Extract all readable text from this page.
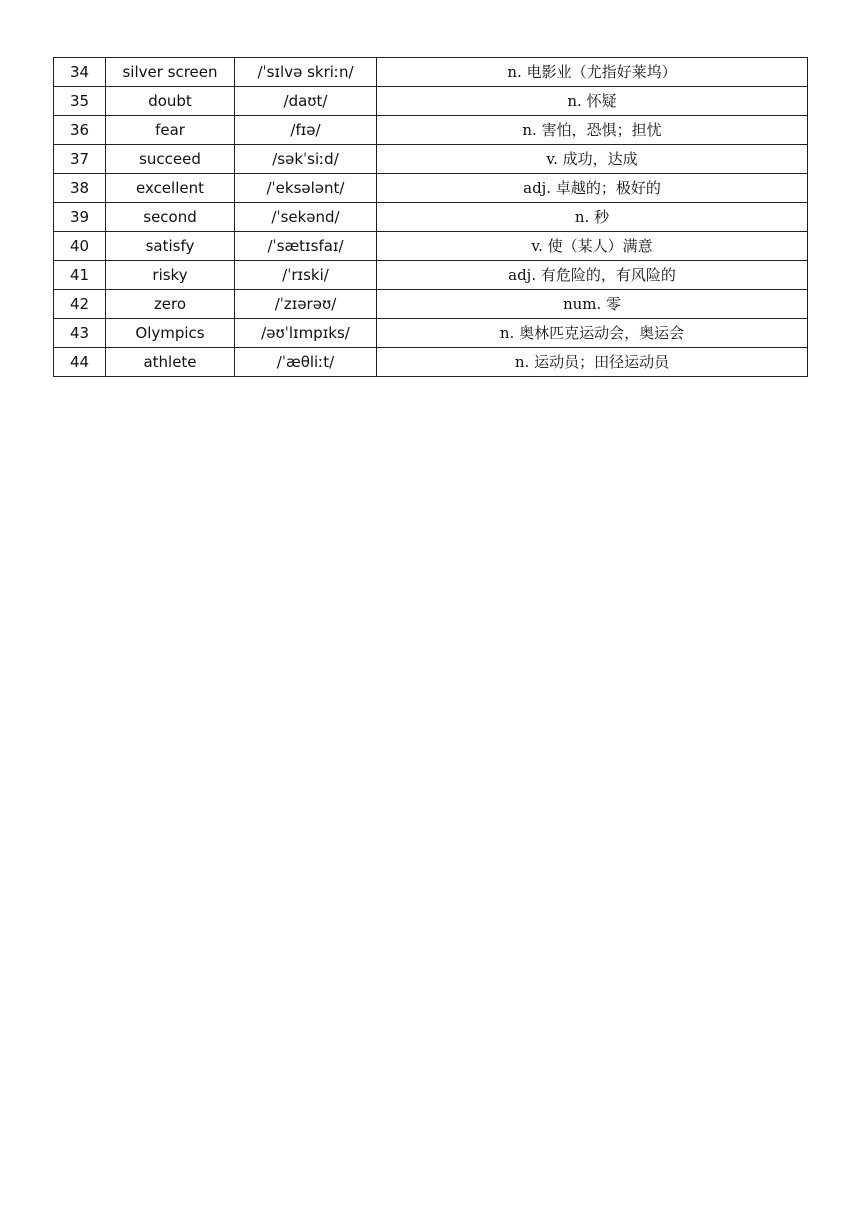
34	silver screen	/ˈsɪlvə skriːn/	n. 电影业（尤指好莱坞）
35	doubt	/daʊt/	n. 怀疑
36	fear	/fɪə/	n. 害怕，恐惧；担忧
37	succeed	/səkˈsiːd/	v. 成功，达成
38	excellent	/ˈeksələnt/	adj. 卓越的；极好的
39	second	/ˈsekənd/	n. 秒
40	satisfy	/ˈsætɪsfaɪ/	v. 使（某人）满意
41	risky	/ˈrɪski/	adj. 有危险的，有风险的
42	zero	/ˈzɪərəʊ/	num. 零
43	Olympics	/əʊˈlɪmpɪks/	n. 奥林匹克运动会，奥运会
44	athlete	/ˈæθliːt/	n. 运动员；田径运动员
